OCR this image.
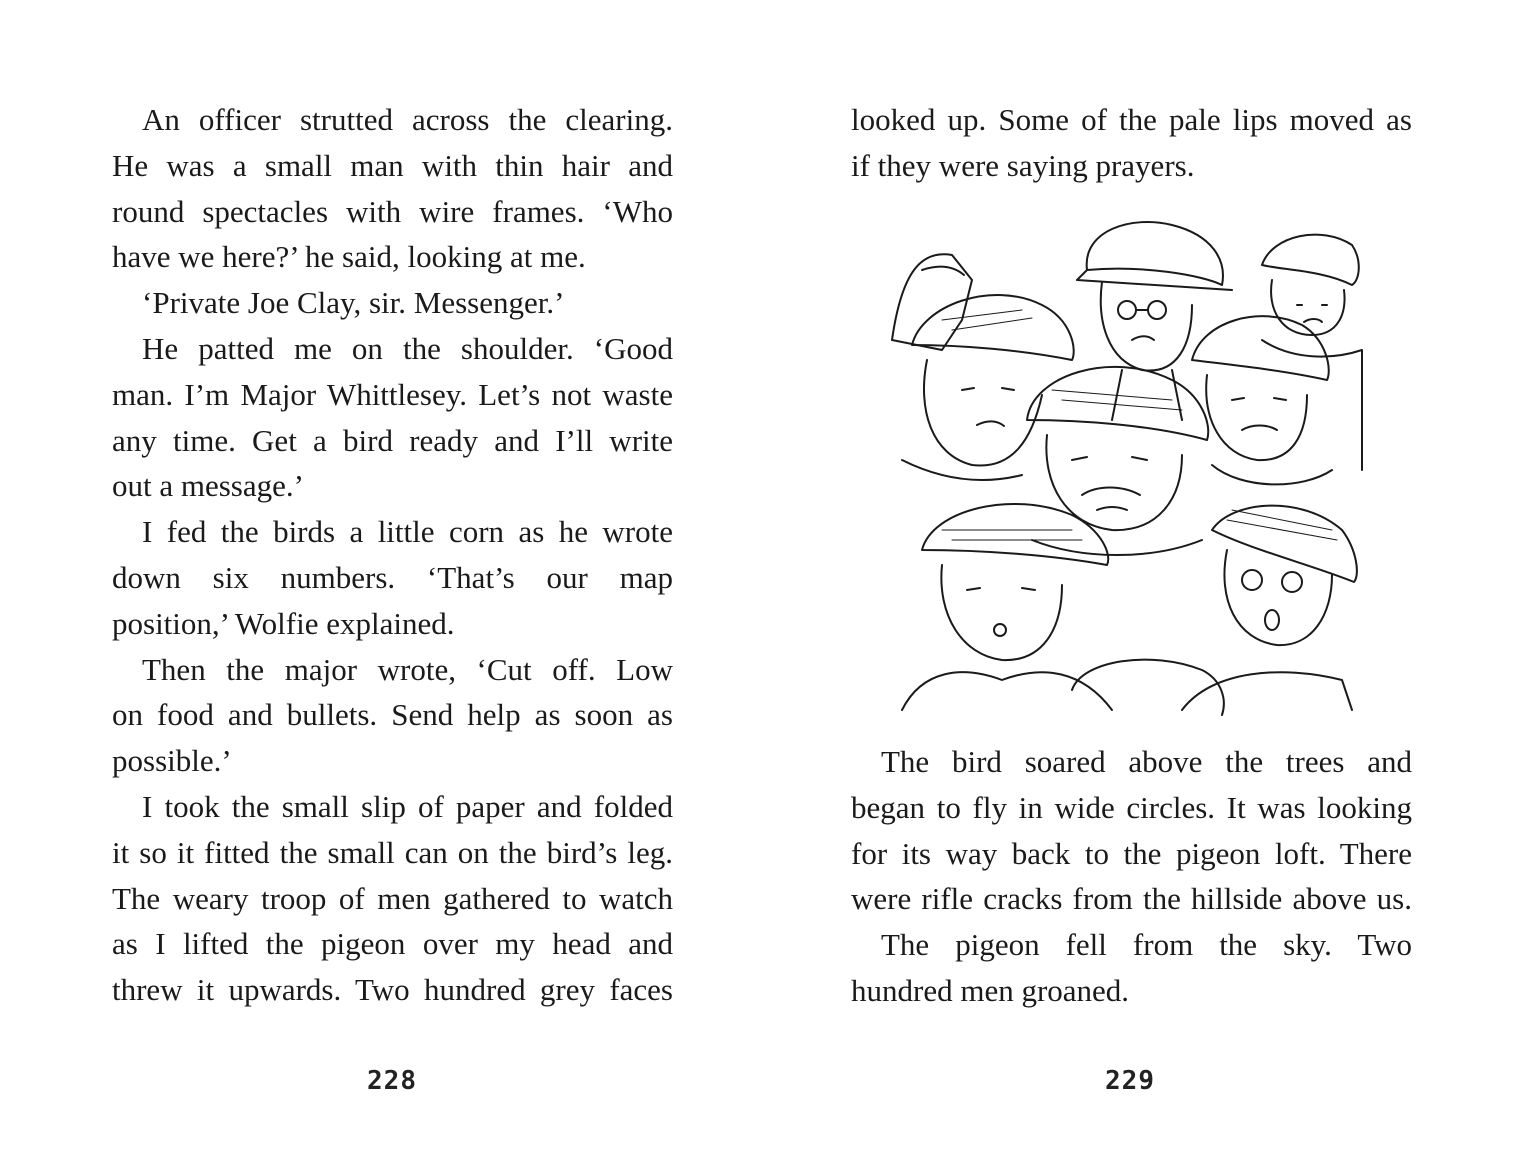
An officer strutted across the clearing.
He was a small man with thin hair and
round spectacles with wire frames. ‘Who
have we here?’ he said, looking at me.
‘Private Joe Clay, sir. Messenger.’
He patted me on the shoulder. ‘Good
man. I’m Major Whittlesey. Let’s not waste
any time. Get a bird ready and I’ll write
out a message.’
I fed the birds a little corn as he wrote
down six numbers. ‘That’s our map
position,’ Wolfie explained.
Then the major wrote, ‘Cut off. Low
on food and bullets. Send help as soon as
possible.’
I took the small slip of paper and folded
it so it fitted the small can on the bird’s leg.
The weary troop of men gathered to watch
as I lifted the pigeon over my head and
threw it upwards. Two hundred grey faces
228
looked up. Some of the pale lips moved as
if they were saying prayers.
The bird soared above the trees and
began to fly in wide circles. It was looking
for its way back to the pigeon loft. There
were rifle cracks from the hillside above us.
The pigeon fell from the sky. Two
hundred men groaned.
229
